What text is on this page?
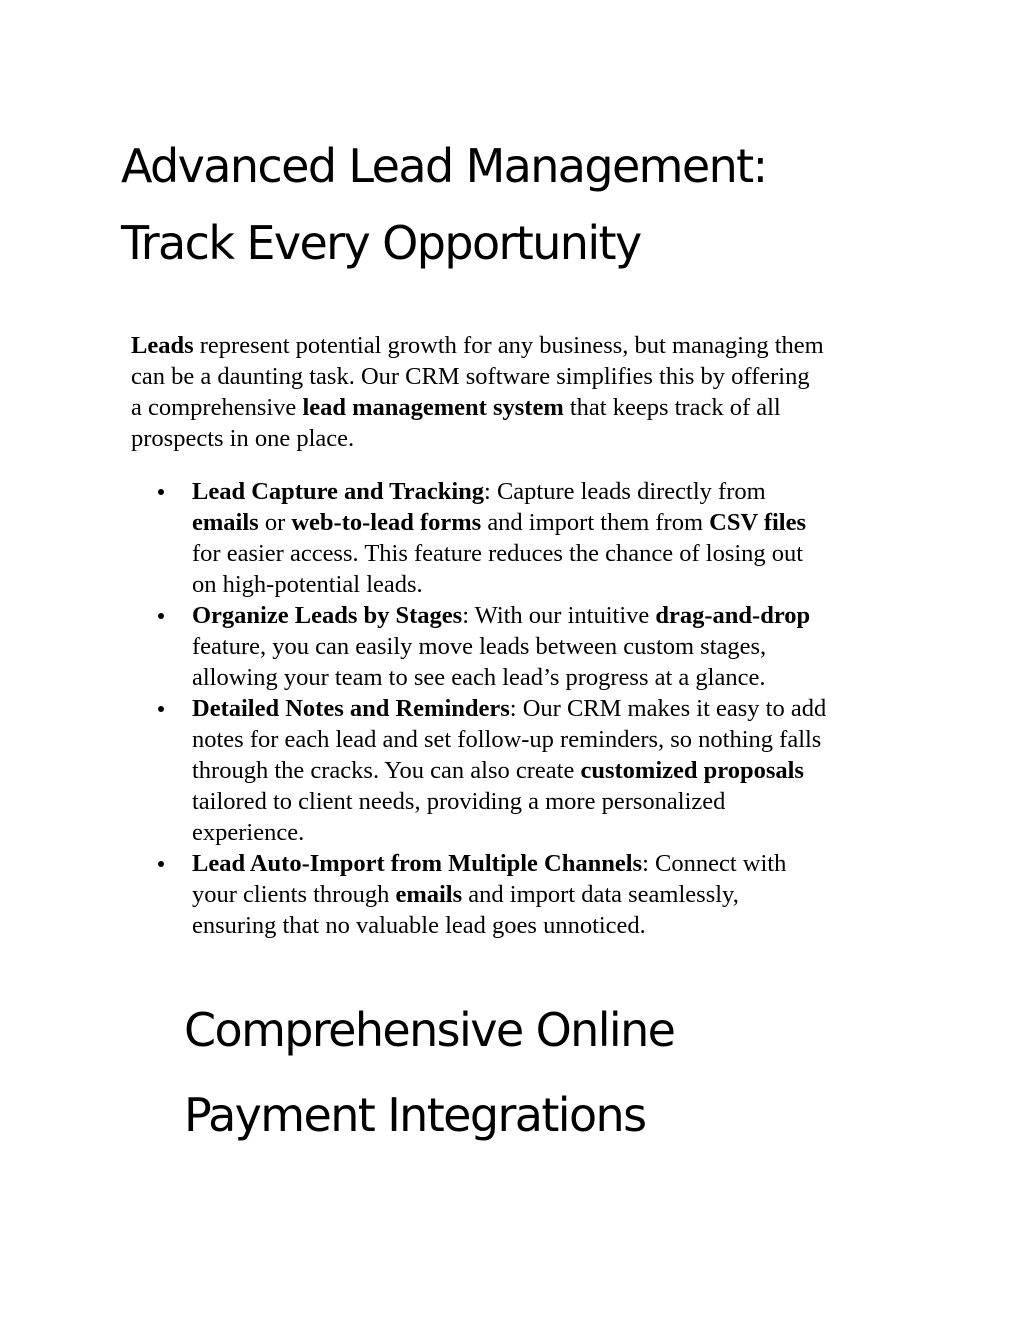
Advanced Lead Management:
Track Every Opportunity

Leads represent potential growth for any business, but managing them
can be a daunting task. Our CRM software simplifies this by offering
a comprehensive lead management system that keeps track of all
prospects in one place.

Lead Capture and Tracking: Capture leads directly from
emails or web-to-lead forms and import them from CSV files
for easier access. This feature reduces the chance of losing out
on high-potential leads.
Organize Leads by Stages: With our intuitive drag-and-drop
feature, you can easily move leads between custom stages,
allowing your team to see each lead’s progress at a glance.
Detailed Notes and Reminders: Our CRM makes it easy to add
notes for each lead and set follow-up reminders, so nothing falls
through the cracks. You can also create customized proposals
tailored to client needs, providing a more personalized
experience.
Lead Auto-Import from Multiple Channels: Connect with
your clients through emails and import data seamlessly,
ensuring that no valuable lead goes unnoticed.
Comprehensive Online
Payment Integrations
